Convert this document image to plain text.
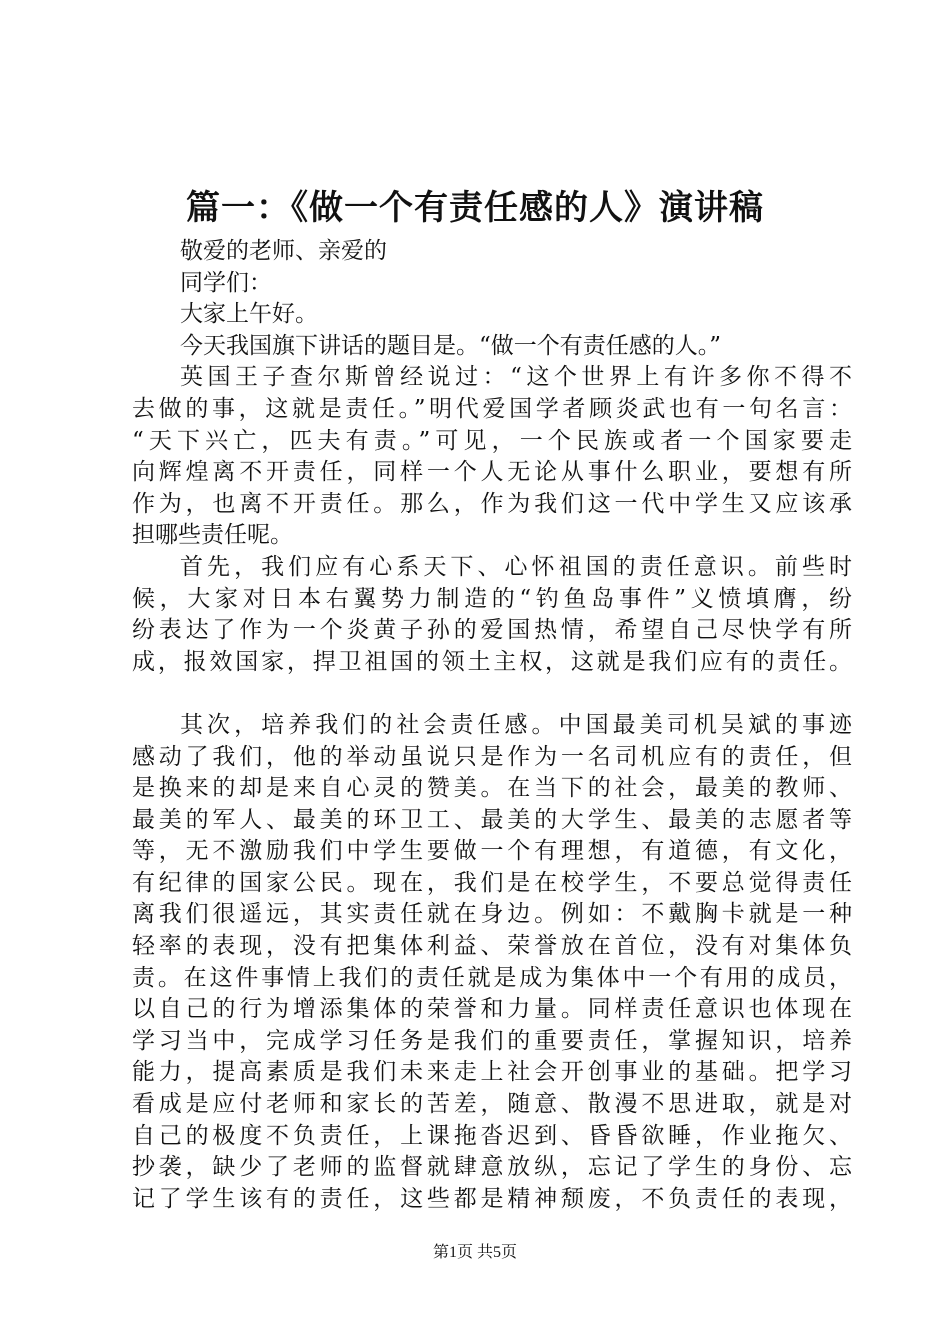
篇一：《做一个有责任感的人》演讲稿
敬爱的老师、亲爱的
同学们：
大家上午好。
今天我国旗下讲话的题目是。“做一个有责任感的人。”
英国王子查尔斯曾经说过：“这个世界上有许多你不得不
去做的事，这就是责任。”明代爱国学者顾炎武也有一句名言：
“天下兴亡，匹夫有责。”可见，一个民族或者一个国家要走
向辉煌离不开责任，同样一个人无论从事什么职业，要想有所
作为，也离不开责任。那么，作为我们这一代中学生又应该承
担哪些责任呢。
首先，我们应有心系天下、心怀祖国的责任意识。前些时
候，大家对日本右翼势力制造的“钓鱼岛事件”义愤填膺，纷
纷表达了作为一个炎黄子孙的爱国热情，希望自己尽快学有所
成，报效国家，捍卫祖国的领土主权，这就是我们应有的责任。
其次，培养我们的社会责任感。中国最美司机吴斌的事迹
感动了我们，他的举动虽说只是作为一名司机应有的责任，但
是换来的却是来自心灵的赞美。在当下的社会，最美的教师、
最美的军人、最美的环卫工、最美的大学生、最美的志愿者等
等，无不激励我们中学生要做一个有理想，有道德，有文化，
有纪律的国家公民。现在，我们是在校学生，不要总觉得责任
离我们很遥远，其实责任就在身边。例如：不戴胸卡就是一种
轻率的表现，没有把集体利益、荣誉放在首位，没有对集体负
责。在这件事情上我们的责任就是成为集体中一个有用的成员，
以自己的行为增添集体的荣誉和力量。同样责任意识也体现在
学习当中，完成学习任务是我们的重要责任，掌握知识，培养
能力，提高素质是我们未来走上社会开创事业的基础。把学习
看成是应付老师和家长的苦差，随意、散漫不思进取，就是对
自己的极度不负责任，上课拖沓迟到、昏昏欲睡，作业拖欠、
抄袭，缺少了老师的监督就肆意放纵，忘记了学生的身份、忘
记了学生该有的责任，这些都是精神颓废，不负责任的表现，
第1页 共5页
